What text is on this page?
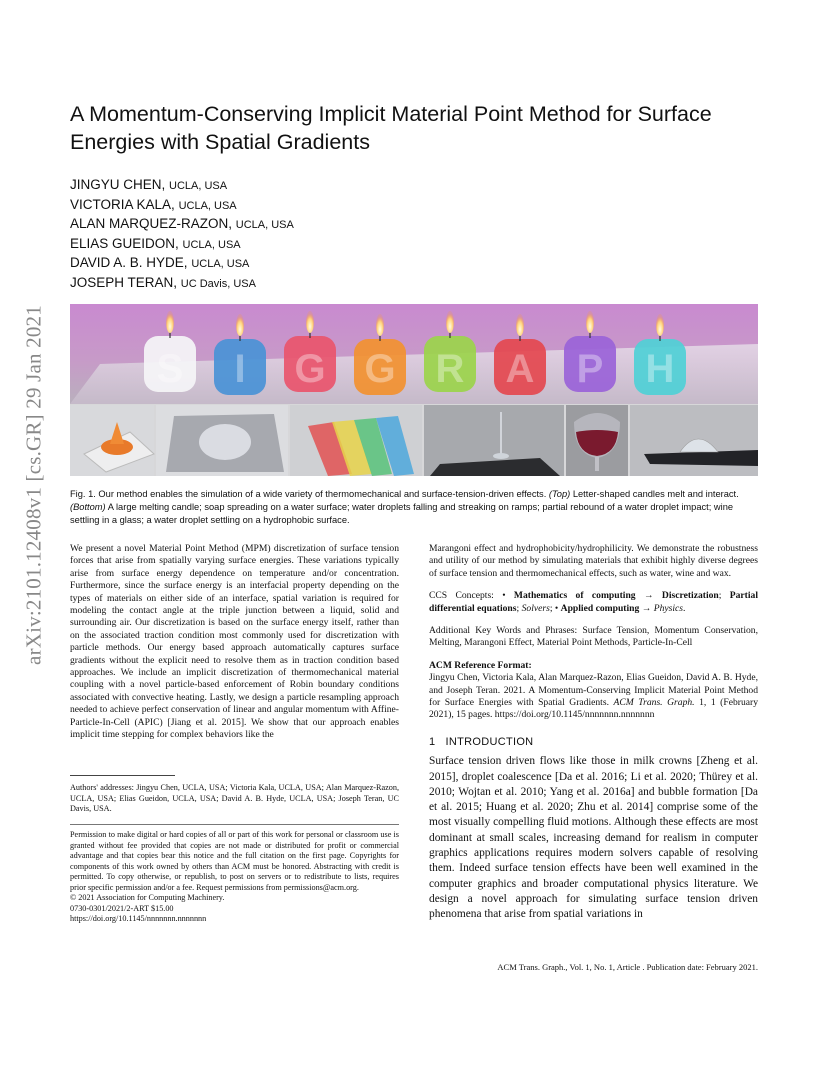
arXiv:2101.12408v1 [cs.GR] 29 Jan 2021
A Momentum-Conserving Implicit Material Point Method for Surface Energies with Spatial Gradients
JINGYU CHEN, UCLA, USA
VICTORIA KALA, UCLA, USA
ALAN MARQUEZ-RAZON, UCLA, USA
ELIAS GUEIDON, UCLA, USA
DAVID A. B. HYDE, UCLA, USA
JOSEPH TERAN, UC Davis, USA
S I G G R A P H
Fig. 1. Our method enables the simulation of a wide variety of thermomechanical and surface-tension-driven effects. (Top) Letter-shaped candles melt and interact. (Bottom) A large melting candle; soap spreading on a water surface; water droplets falling and streaking on ramps; partial rebound of a water droplet impact; wine settling in a glass; a water droplet settling on a hydrophobic surface.

We present a novel Material Point Method (MPM) discretization of surface tension forces that arise from spatially varying surface energies. These variations typically arise from surface energy dependence on temperature and/or concentration. Furthermore, since the surface energy is an interfacial property depending on the types of materials on either side of an interface, spatial variation is required for modeling the contact angle at the triple junction between a liquid, solid and surrounding air. Our discretization is based on the surface energy itself, rather than on the associated traction condition most commonly used for discretization with particle methods. Our energy based approach automatically captures surface gradients without the explicit need to resolve them as in traction condition based approaches. We include an implicit discretization of thermomechanical material coupling with a novel particle-based enforcement of Robin boundary conditions associated with convective heating. Lastly, we design a particle resampling approach needed to achieve perfect conservation of linear and angular momentum with Affine-Particle-In-Cell (APIC) [Jiang et al. 2015]. We show that our approach enables implicit time stepping for complex behaviors like the

Authors' addresses: Jingyu Chen, UCLA, USA; Victoria Kala, UCLA, USA; Alan Marquez-Razon, UCLA, USA; Elias Gueidon, UCLA, USA; David A. B. Hyde, UCLA, USA; Joseph Teran, UC Davis, USA.

Permission to make digital or hard copies of all or part of this work for personal or classroom use is granted without fee provided that copies are not made or distributed for profit or commercial advantage and that copies bear this notice and the full citation on the first page. Copyrights for components of this work owned by others than ACM must be honored. Abstracting with credit is permitted. To copy otherwise, or republish, to post on servers or to redistribute to lists, requires prior specific permission and/or a fee. Request permissions from permissions@acm.org.

© 2021 Association for Computing Machinery.

0730-0301/2021/2-ART $15.00

https://doi.org/10.1145/nnnnnnn.nnnnnnn

Marangoni effect and hydrophobicity/hydrophilicity. We demonstrate the robustness and utility of our method by simulating materials that exhibit highly diverse degrees of surface tension and thermomechanical effects, such as water, wine and wax.

CCS Concepts: • Mathematics of computing → Discretization; Partial differential equations; Solvers; • Applied computing → Physics.

Additional Key Words and Phrases: Surface Tension, Momentum Conservation, Melting, Marangoni Effect, Material Point Methods, Particle-In-Cell

ACM Reference Format:

Jingyu Chen, Victoria Kala, Alan Marquez-Razon, Elias Gueidon, David A. B. Hyde, and Joseph Teran. 2021. A Momentum-Conserving Implicit Material Point Method for Surface Energies with Spatial Gradients. ACM Trans. Graph. 1, 1 (February 2021), 15 pages. https://doi.org/10.1145/nnnnnnn.nnnnnnn

1 INTRODUCTION

Surface tension driven flows like those in milk crowns [Zheng et al. 2015], droplet coalescence [Da et al. 2016; Li et al. 2020; Thürey et al. 2010; Wojtan et al. 2010; Yang et al. 2016a] and bubble formation [Da et al. 2015; Huang et al. 2020; Zhu et al. 2014] comprise some of the most visually compelling fluid motions. Although these effects are most dominant at small scales, increasing demand for realism in computer graphics applications requires modern solvers capable of resolving them. Indeed surface tension effects have been well examined in the computer graphics and broader computational physics literature. We design a novel approach for simulating surface tension driven phenomena that arise from spatial variations in

ACM Trans. Graph., Vol. 1, No. 1, Article . Publication date: February 2021.
